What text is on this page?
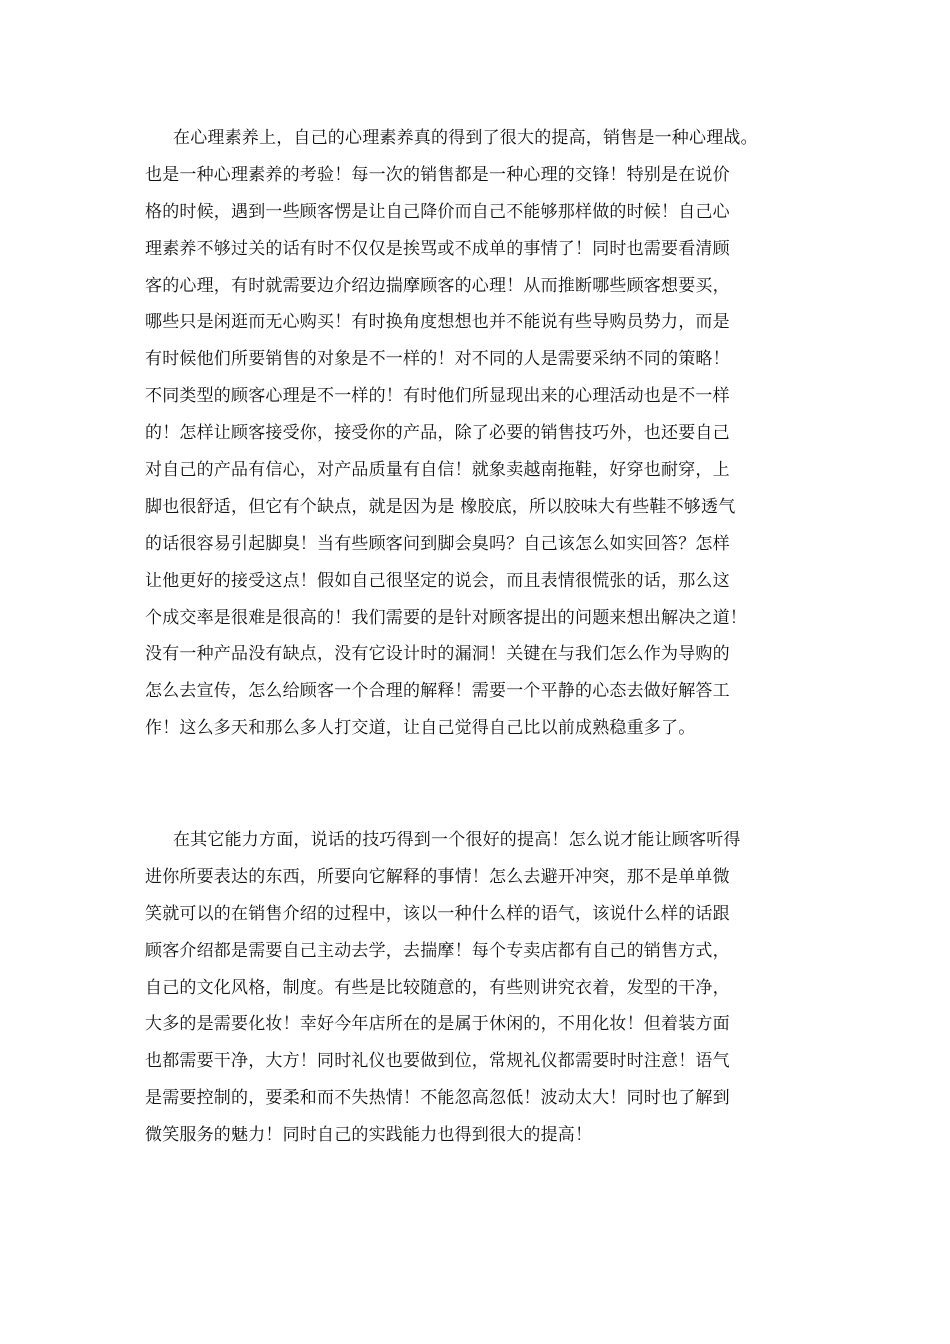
在心理素养上，自己的心理素养真的得到了很大的提高，销售是一种心理战。
也是一种心理素养的考验！每一次的销售都是一种心理的交锋！特别是在说价
格的时候，遇到一些顾客愣是让自己降价而自己不能够那样做的时候！自己心
理素养不够过关的话有时不仅仅是挨骂或不成单的事情了！同时也需要看清顾
客的心理，有时就需要边介绍边揣摩顾客的心理！从而推断哪些顾客想要买，
哪些只是闲逛而无心购买！有时换角度想想也并不能说有些导购员势力，而是
有时候他们所要销售的对象是不一样的！对不同的人是需要采纳不同的策略！
不同类型的顾客心理是不一样的！有时他们所显现出来的心理活动也是不一样
的！怎样让顾客接受你，接受你的产品，除了必要的销售技巧外，也还要自己
对自己的产品有信心，对产品质量有自信！就象卖越南拖鞋，好穿也耐穿，上
脚也很舒适，但它有个缺点，就是因为是 橡胶底，所以胶味大有些鞋不够透气
的话很容易引起脚臭！当有些顾客问到脚会臭吗？自己该怎么如实回答？怎样
让他更好的接受这点！假如自己很坚定的说会，而且表情很慌张的话，那么这
个成交率是很难是很高的！我们需要的是针对顾客提出的问题来想出解决之道！
没有一种产品没有缺点，没有它设计时的漏洞！关键在与我们怎么作为导购的
怎么去宣传，怎么给顾客一个合理的解释！需要一个平静的心态去做好解答工
作！这么多天和那么多人打交道，让自己觉得自己比以前成熟稳重多了。
在其它能力方面，说话的技巧得到一个很好的提高！怎么说才能让顾客听得
进你所要表达的东西，所要向它解释的事情！怎么去避开冲突，那不是单单微
笑就可以的在销售介绍的过程中，该以一种什么样的语气，该说什么样的话跟
顾客介绍都是需要自己主动去学，去揣摩！每个专卖店都有自己的销售方式，
自己的文化风格，制度。有些是比较随意的，有些则讲究衣着，发型的干净，
大多的是需要化妆！幸好今年店所在的是属于休闲的，不用化妆！但着装方面
也都需要干净，大方！同时礼仪也要做到位，常规礼仪都需要时时注意！语气
是需要控制的，要柔和而不失热情！不能忽高忽低！波动太大！同时也了解到
微笑服务的魅力！同时自己的实践能力也得到很大的提高！
